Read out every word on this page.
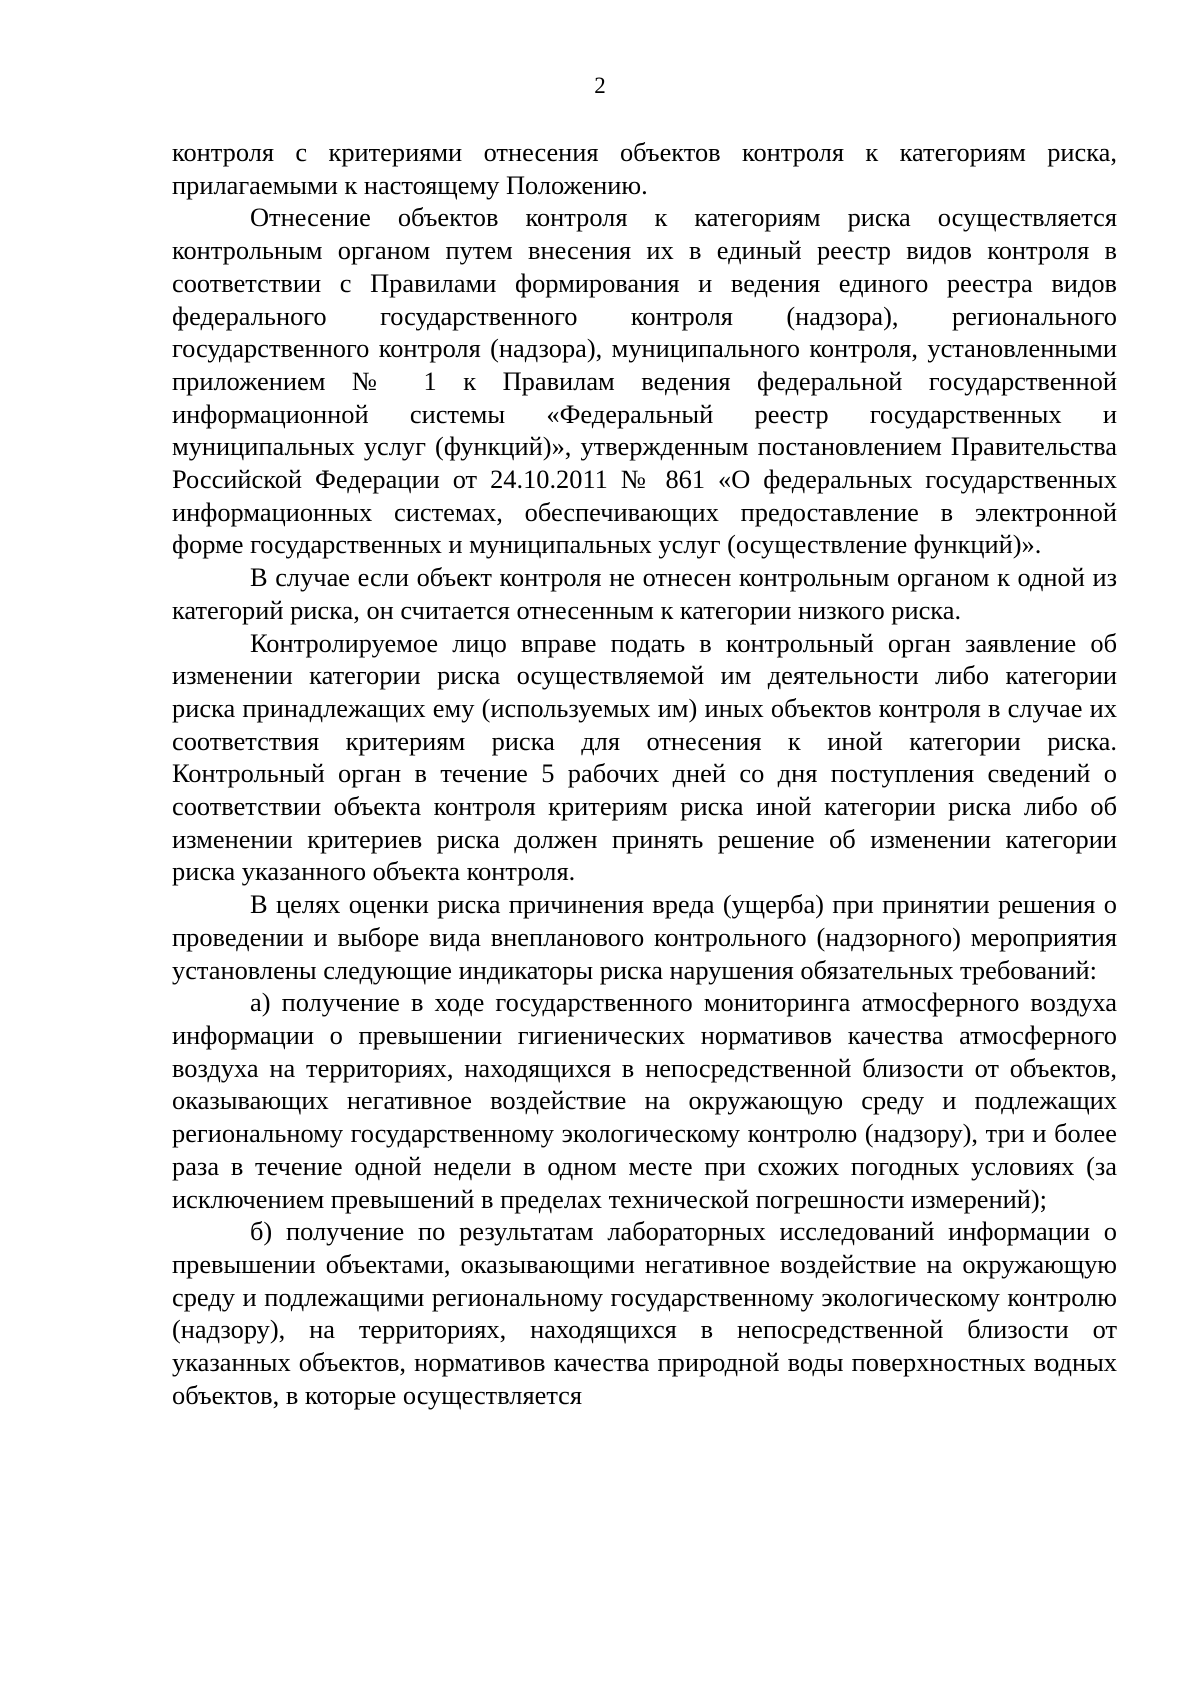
2

контроля с критериями отнесения объектов контроля к категориям риска, прилагаемыми к настоящему Положению.

Отнесение объектов контроля к категориям риска осуществляется контрольным органом путем внесения их в единый реестр видов контроля в соответствии с Правилами формирования и ведения единого реестра видов федерального государственного контроля (надзора), регионального государственного контроля (надзора), муниципального контроля, установленными приложением № 1 к Правилам ведения федеральной государственной информационной системы «Федеральный реестр государственных и муниципальных услуг (функций)», утвержденным постановлением Правительства Российской Федерации от 24.10.2011 № 861 «О федеральных государственных информационных системах, обеспечивающих предоставление в электронной форме государственных и муниципальных услуг (осуществление функций)».

В случае если объект контроля не отнесен контрольным органом к одной из категорий риска, он считается отнесенным к категории низкого риска.

Контролируемое лицо вправе подать в контрольный орган заявление об изменении категории риска осуществляемой им деятельности либо категории риска принадлежащих ему (используемых им) иных объектов контроля в случае их соответствия критериям риска для отнесения к иной категории риска. Контрольный орган в течение 5 рабочих дней со дня поступления сведений о соответствии объекта контроля критериям риска иной категории риска либо об изменении критериев риска должен принять решение об изменении категории риска указанного объекта контроля.

В целях оценки риска причинения вреда (ущерба) при принятии решения о проведении и выборе вида внепланового контрольного (надзорного) мероприятия установлены следующие индикаторы риска нарушения обязательных требований:

а) получение в ходе государственного мониторинга атмосферного воздуха информации о превышении гигиенических нормативов качества атмосферного воздуха на территориях, находящихся в непосредственной близости от объектов, оказывающих негативное воздействие на окружающую среду и подлежащих региональному государственному экологическому контролю (надзору), три и более раза в течение одной недели в одном месте при схожих погодных условиях (за исключением превышений в пределах технической погрешности измерений);

б) получение по результатам лабораторных исследований информации о превышении объектами, оказывающими негативное воздействие на окружающую среду и подлежащими региональному государственному экологическому контролю (надзору), на территориях, находящихся в непосредственной близости от указанных объектов, нормативов качества природной воды поверхностных водных объектов, в которые осуществляется
